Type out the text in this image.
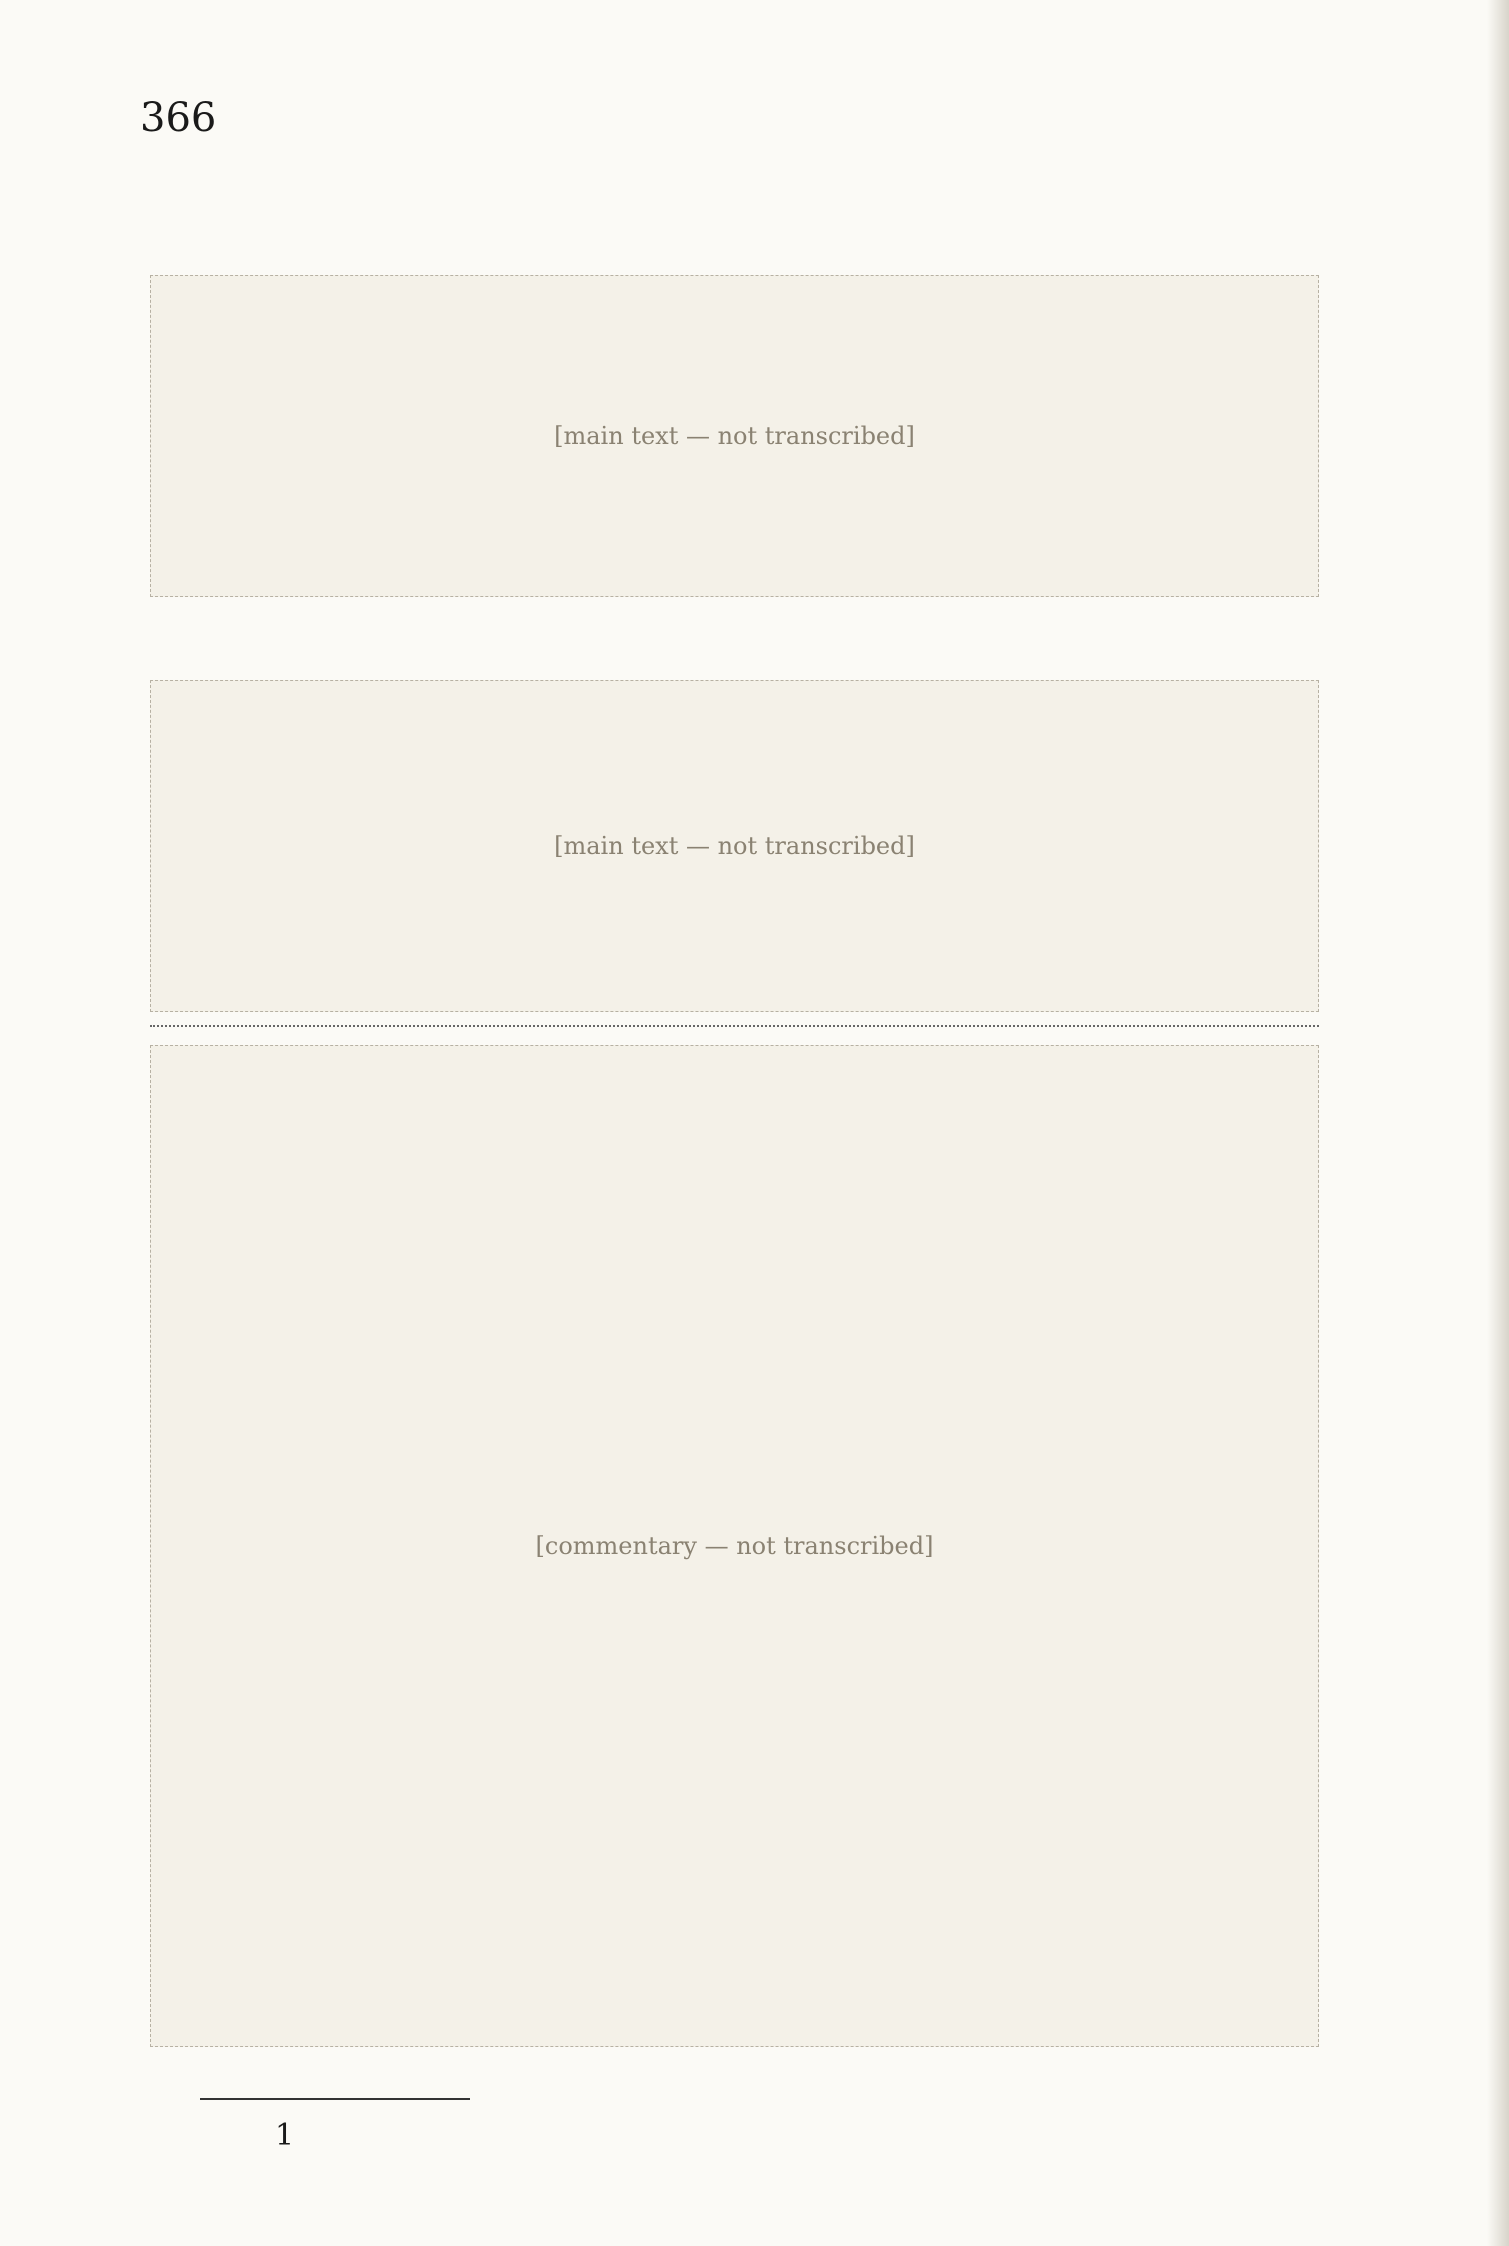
366
[main text — not transcribed]
[main text — not transcribed]
[commentary — not transcribed]
1
